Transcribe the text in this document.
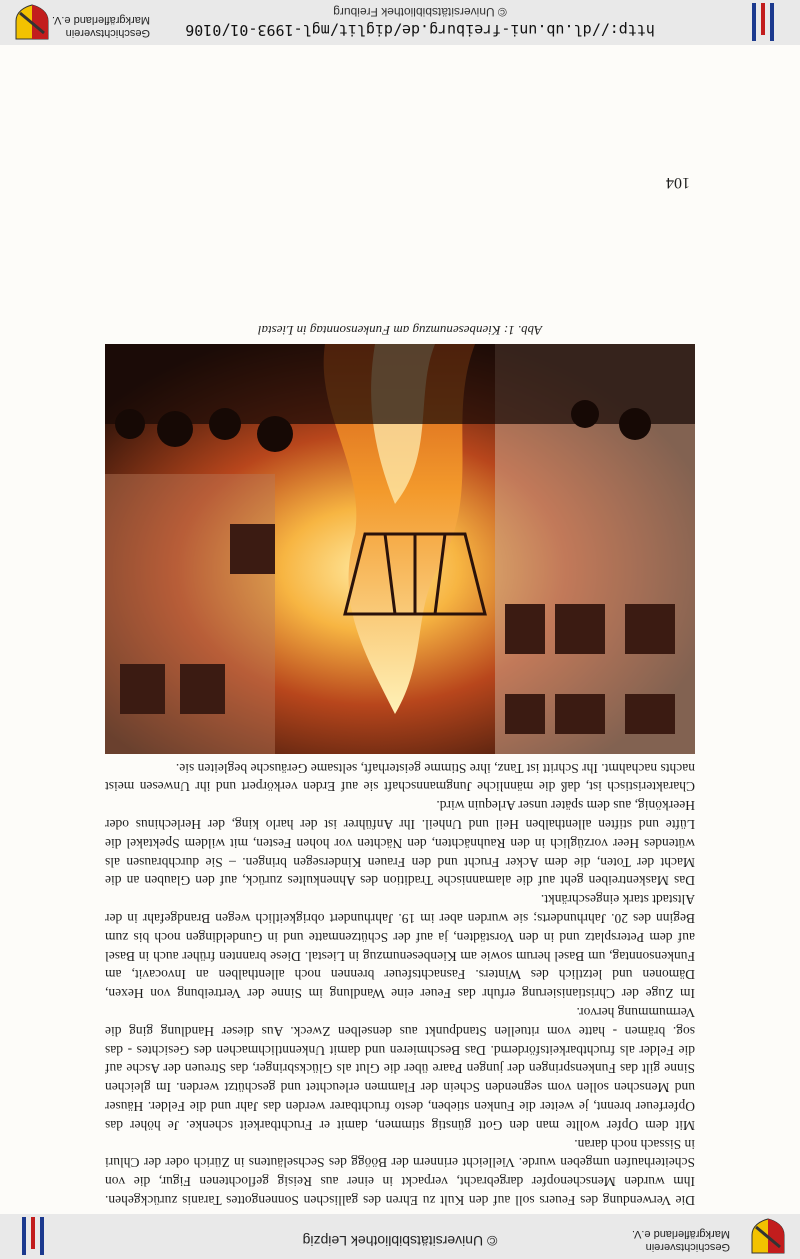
Geschichtsverein
Markgräflerland e.V.
© Universitätsbibliothek Leipzig

Die Verwendung des Feuers soll auf den Kult zu Ehren des gallischen Sonnengottes Taranis zurückgehen. Ihm wurden Menschenopfer dargebracht, verpackt in einer aus Reisig geflochtenen Figur, die von Scheiterhaufen umgeben wurde. Vielleicht erinnern der Böögg des Sechseläutens in Zürich oder der Chluri in Sissach noch daran.

Mit dem Opfer wollte man den Gott günstig stimmen, damit er Fruchtbarkeit schenke. Je höher das Opferfeuer brennt, je weiter die Funken stieben, desto fruchtbarer werden das Jahr und die Felder. Häuser und Menschen sollen vom segnenden Schein der Flammen erleuchtet und geschützt werden. Im gleichen Sinne gilt das Funkenspringen der jungen Paare über die Glut als Glücksbringer, das Streuen der Asche auf die Felder als fruchtbarkeitsfördernd. Das Beschmieren und damit Unkenntlichmachen des Gesichtes - das sog. brämen - hatte vom rituellen Standpunkt aus denselben Zweck. Aus dieser Handlung ging die Vermummung hervor.

Im Zuge der Christianisierung erfuhr das Feuer eine Wandlung im Sinne der Vertreibung von Hexen, Dämonen und letztlich des Winters. Fasnachtsfeuer brennen noch allenthalben an Invocavit, am Funkensonntag, um Basel herum sowie am Kienbesenumzug in Liestal. Diese brannten früher auch in Basel auf dem Petersplatz und in den Vorstädten, ja auf der Schützenmatte und in Gundeldingen noch bis zum Beginn des 20. Jahrhunderts; sie wurden aber im 19. Jahrhundert obrigkeitlich wegen Brandgefahr in der Altstadt stark eingeschränkt.

Das Maskentreiben geht auf die alamannische Tradition des Ahnenkultes zurück, auf den Glauben an die Macht der Toten, die dem Acker Frucht und den Frauen Kindersegen bringen. – Sie durchbrausen als wütendes Heer vorzüglich in den Rauhnächten, den Nächten vor hohen Festen, mit wildem Spektakel die Lüfte und stiften allenthalben Heil und Unheil. Ihr Anführer ist der harlo king, der Herlechinus oder Heerkönig, aus dem später unser Arlequin wird.

Charakteristisch ist, daß die männliche Jungmannschaft sie auf Erden verkörpert und ihr Unwesen meist nachts nachahmt. Ihr Schritt ist Tanz, ihre Stimme geisterhaft, seltsame Geräusche begleiten sie.

Abb. 1: Kienbesenumzug am Funkensonntag in Liestal
104
Geschichtsverein
Markgräflerland e.V.
http://dl.ub.uni-freiburg.de/diglit/mgl-1993-01/0106
© Universitätsbibliothek Freiburg
